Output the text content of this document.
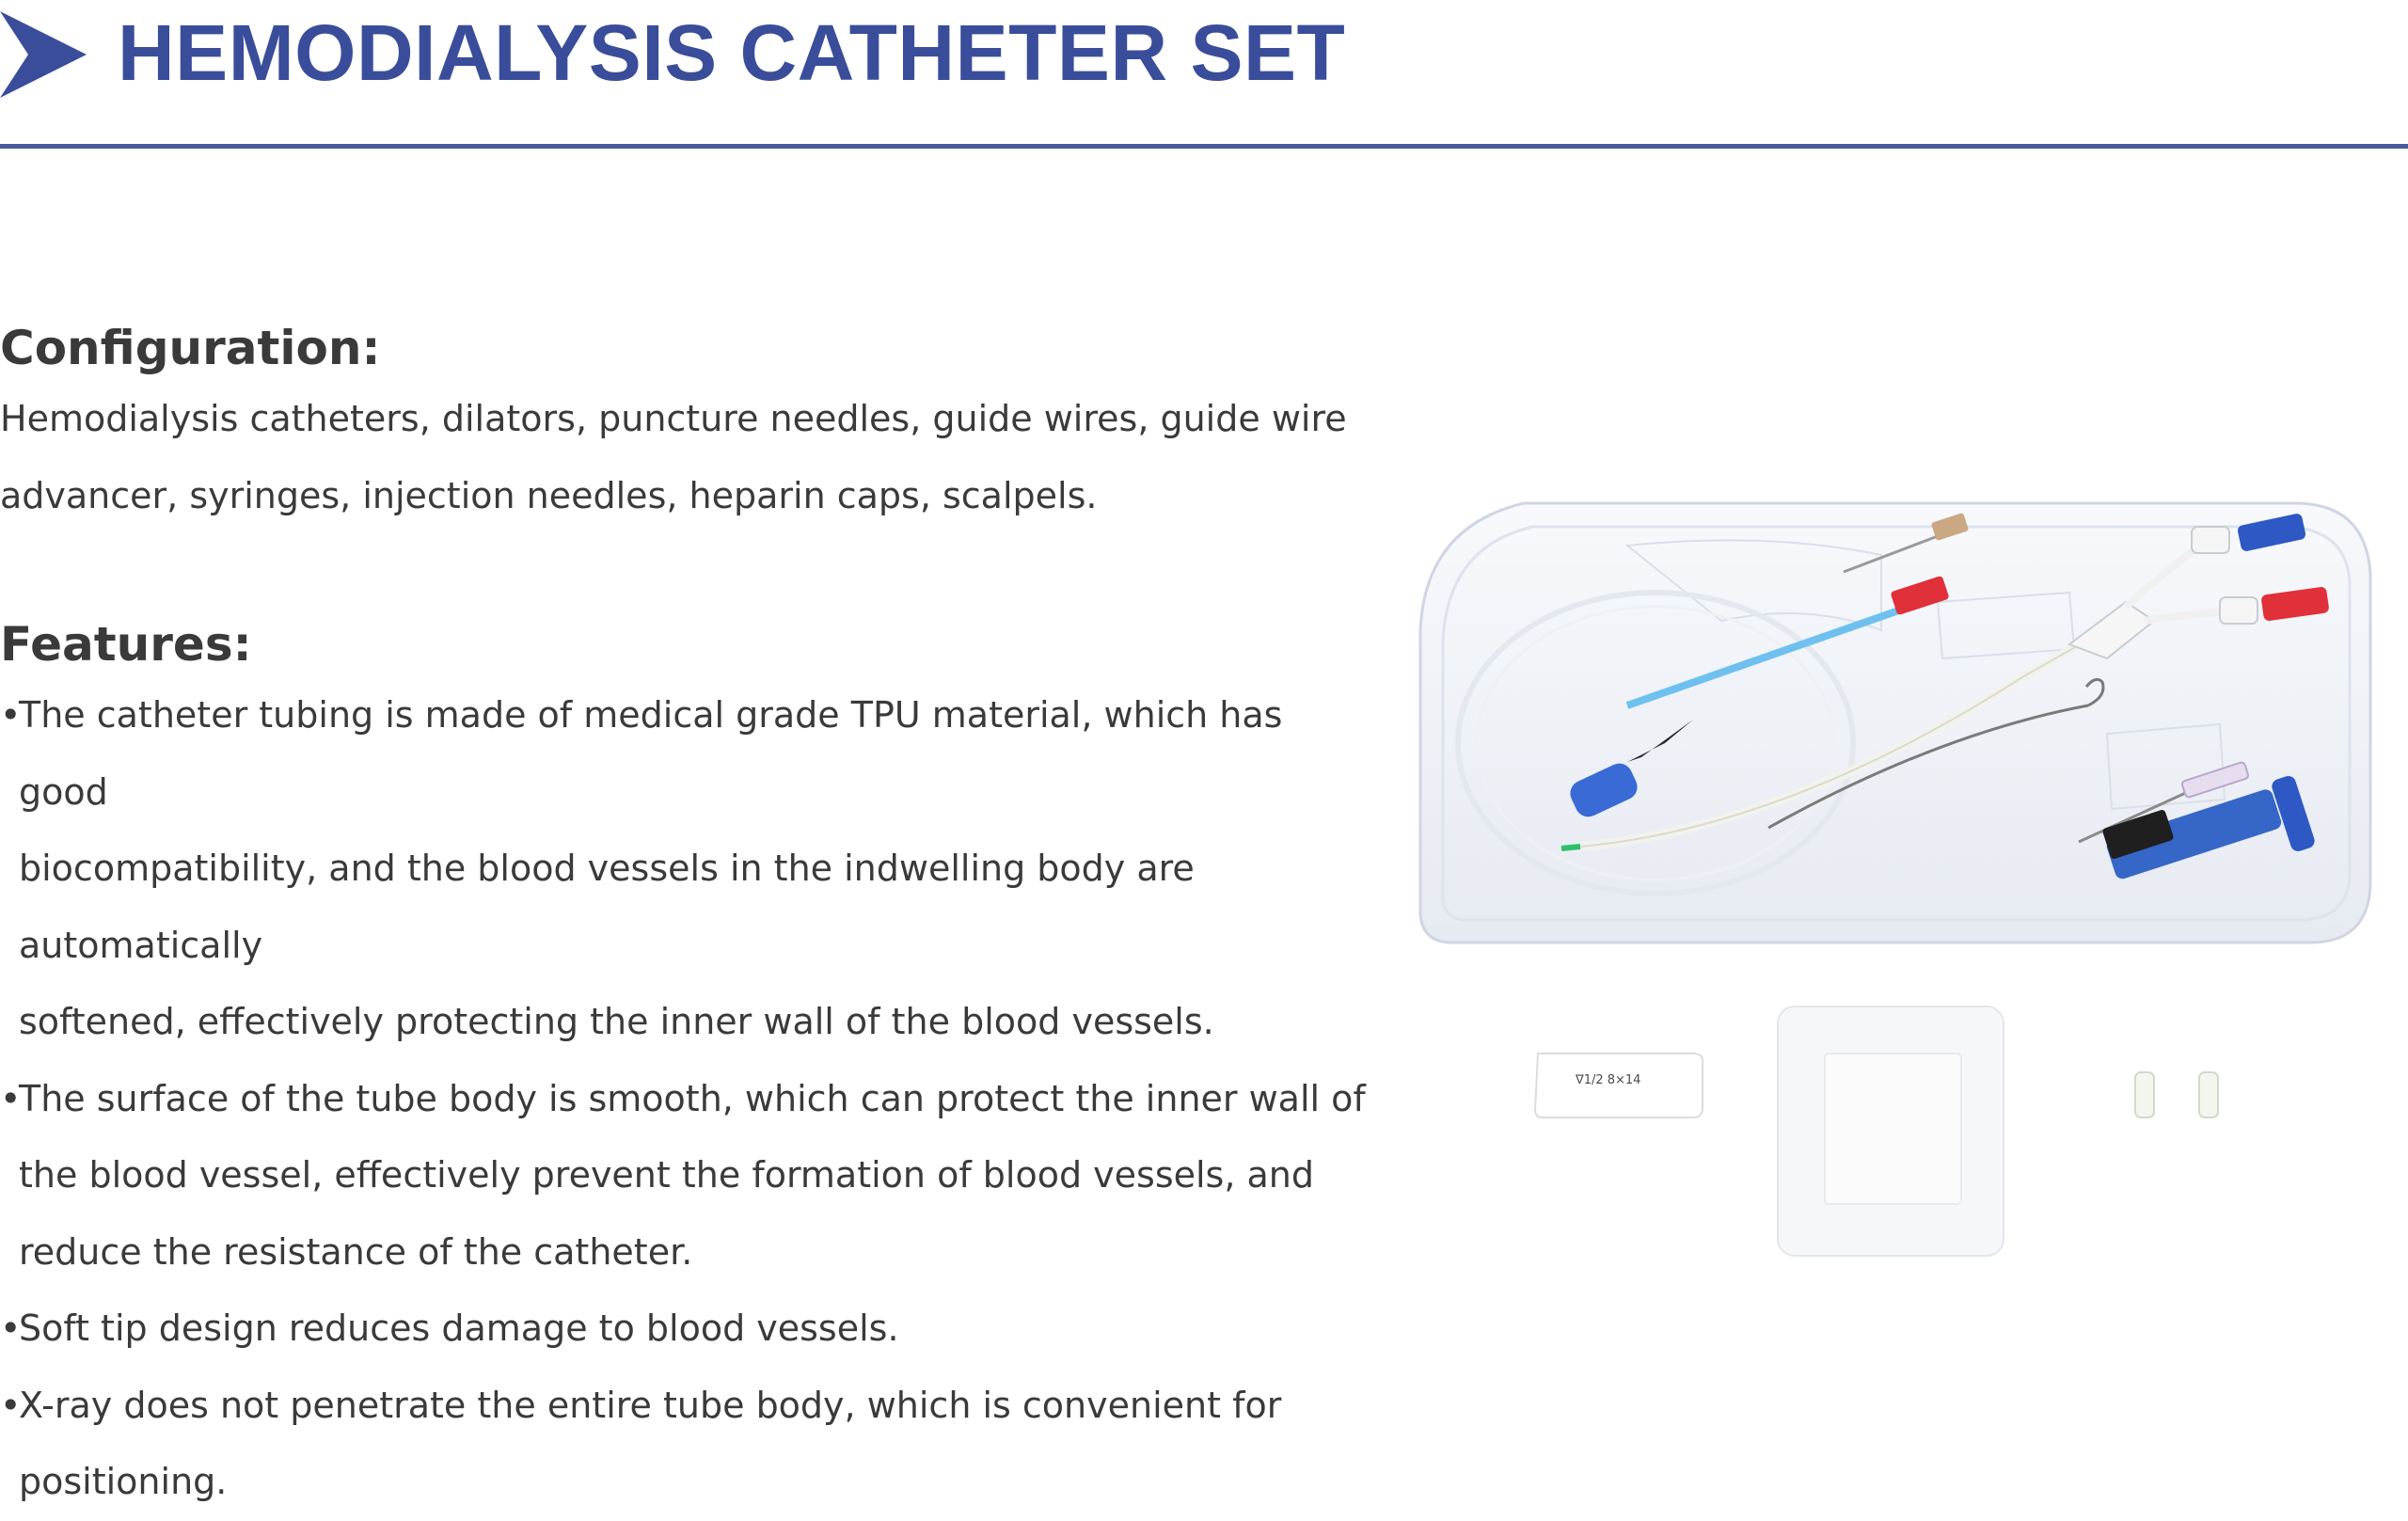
HEMODIALYSIS CATHETER SET
Configuration:

Hemodialysis catheters, dilators, puncture needles, guide wires, guide wire

advancer, syringes, injection needles, heparin caps, scalpels.

Features:
•
The catheter tubing is made of medical grade TPU material, which has good
biocompatibility, and the blood vessels in the indwelling body are automatically
softened, effectively protecting the inner wall of the blood vessels.
•
The surface of the tube body is smooth, which can protect the inner wall of
the blood vessel, effectively prevent the formation of blood vessels, and
reduce the resistance of the catheter.
•
Soft tip design reduces damage to blood vessels.
•
X-ray does not penetrate the entire tube body, which is convenient for
positioning.
∇1/2 8×14
